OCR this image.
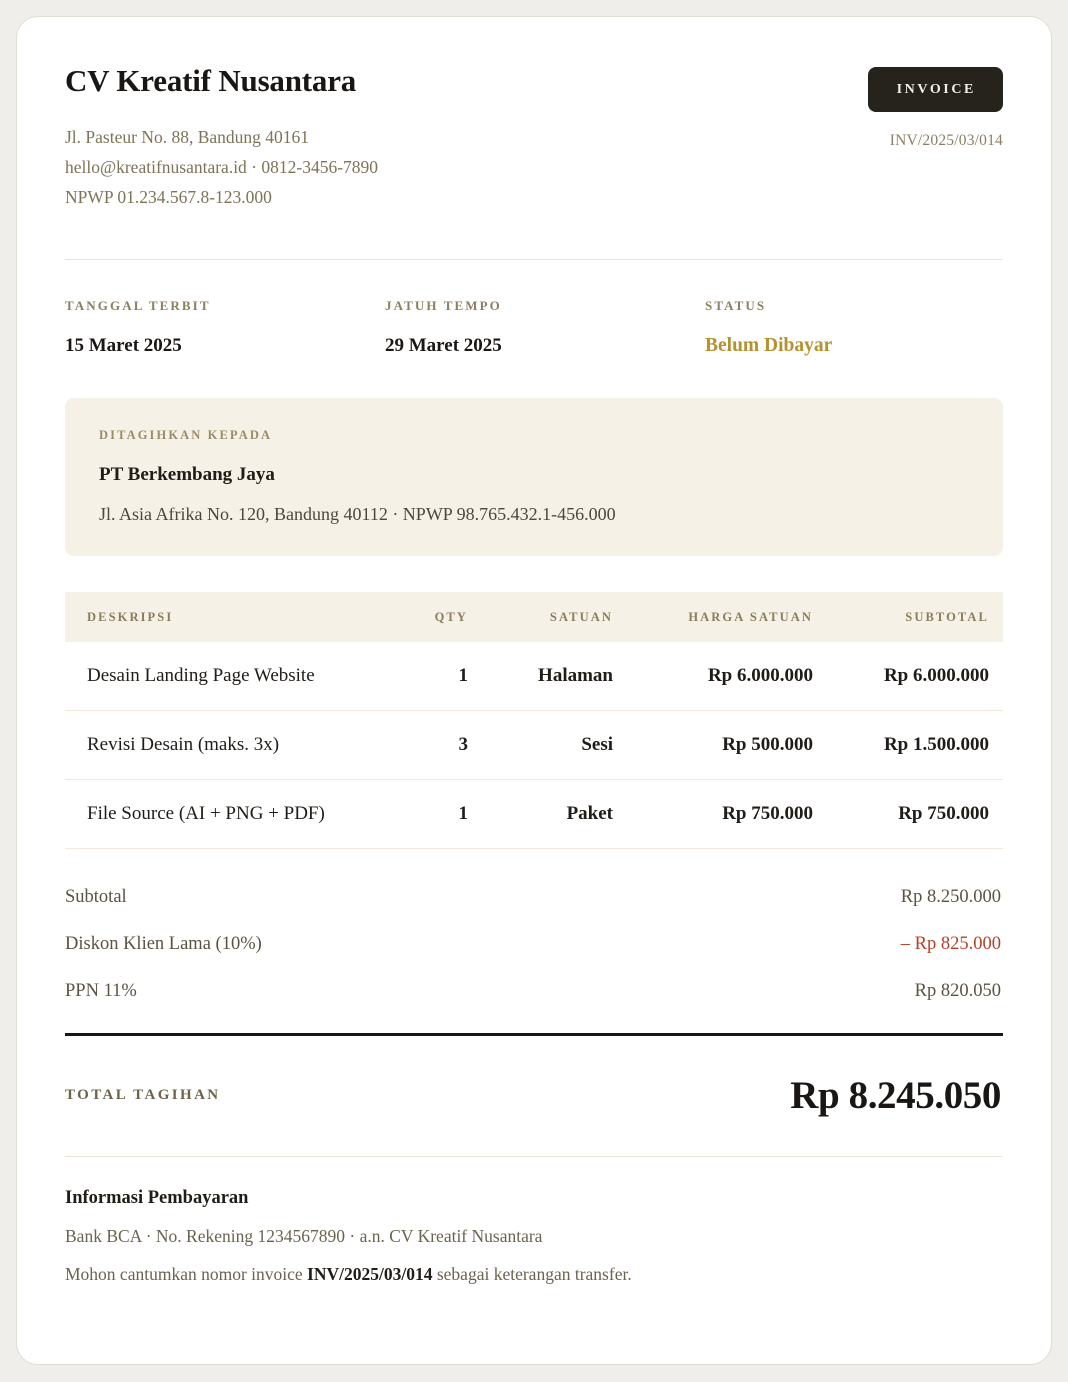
CV Kreatif Nusantara
Jl. Pasteur No. 88, Bandung 40161
hello@kreatifnusantara.id · 0812-3456-7890
NPWP 01.234.567.8-123.000
INVOICE
INV/2025/03/014
TANGGAL TERBIT
15 Maret 2025
JATUH TEMPO
29 Maret 2025
STATUS
Belum Dibayar
DITAGIHKAN KEPADA
PT Berkembang Jaya
Jl. Asia Afrika No. 120, Bandung 40112 · NPWP 98.765.432.1-456.000
DESKRIPSI	QTY	SATUAN	HARGA SATUAN	SUBTOTAL
Desain Landing Page Website	1	Halaman	Rp 6.000.000	Rp 6.000.000
Revisi Desain (maks. 3x)	3	Sesi	Rp 500.000	Rp 1.500.000
File Source (AI + PNG + PDF)	1	Paket	Rp 750.000	Rp 750.000
Subtotal	Rp 8.250.000
Diskon Klien Lama (10%)	– Rp 825.000
PPN 11%	Rp 820.050
TOTAL TAGIHAN	Rp 8.245.050
Informasi Pembayaran
Bank BCA · No. Rekening 1234567890 · a.n. CV Kreatif Nusantara
Mohon cantumkan nomor invoice INV/2025/03/014 sebagai keterangan transfer.
